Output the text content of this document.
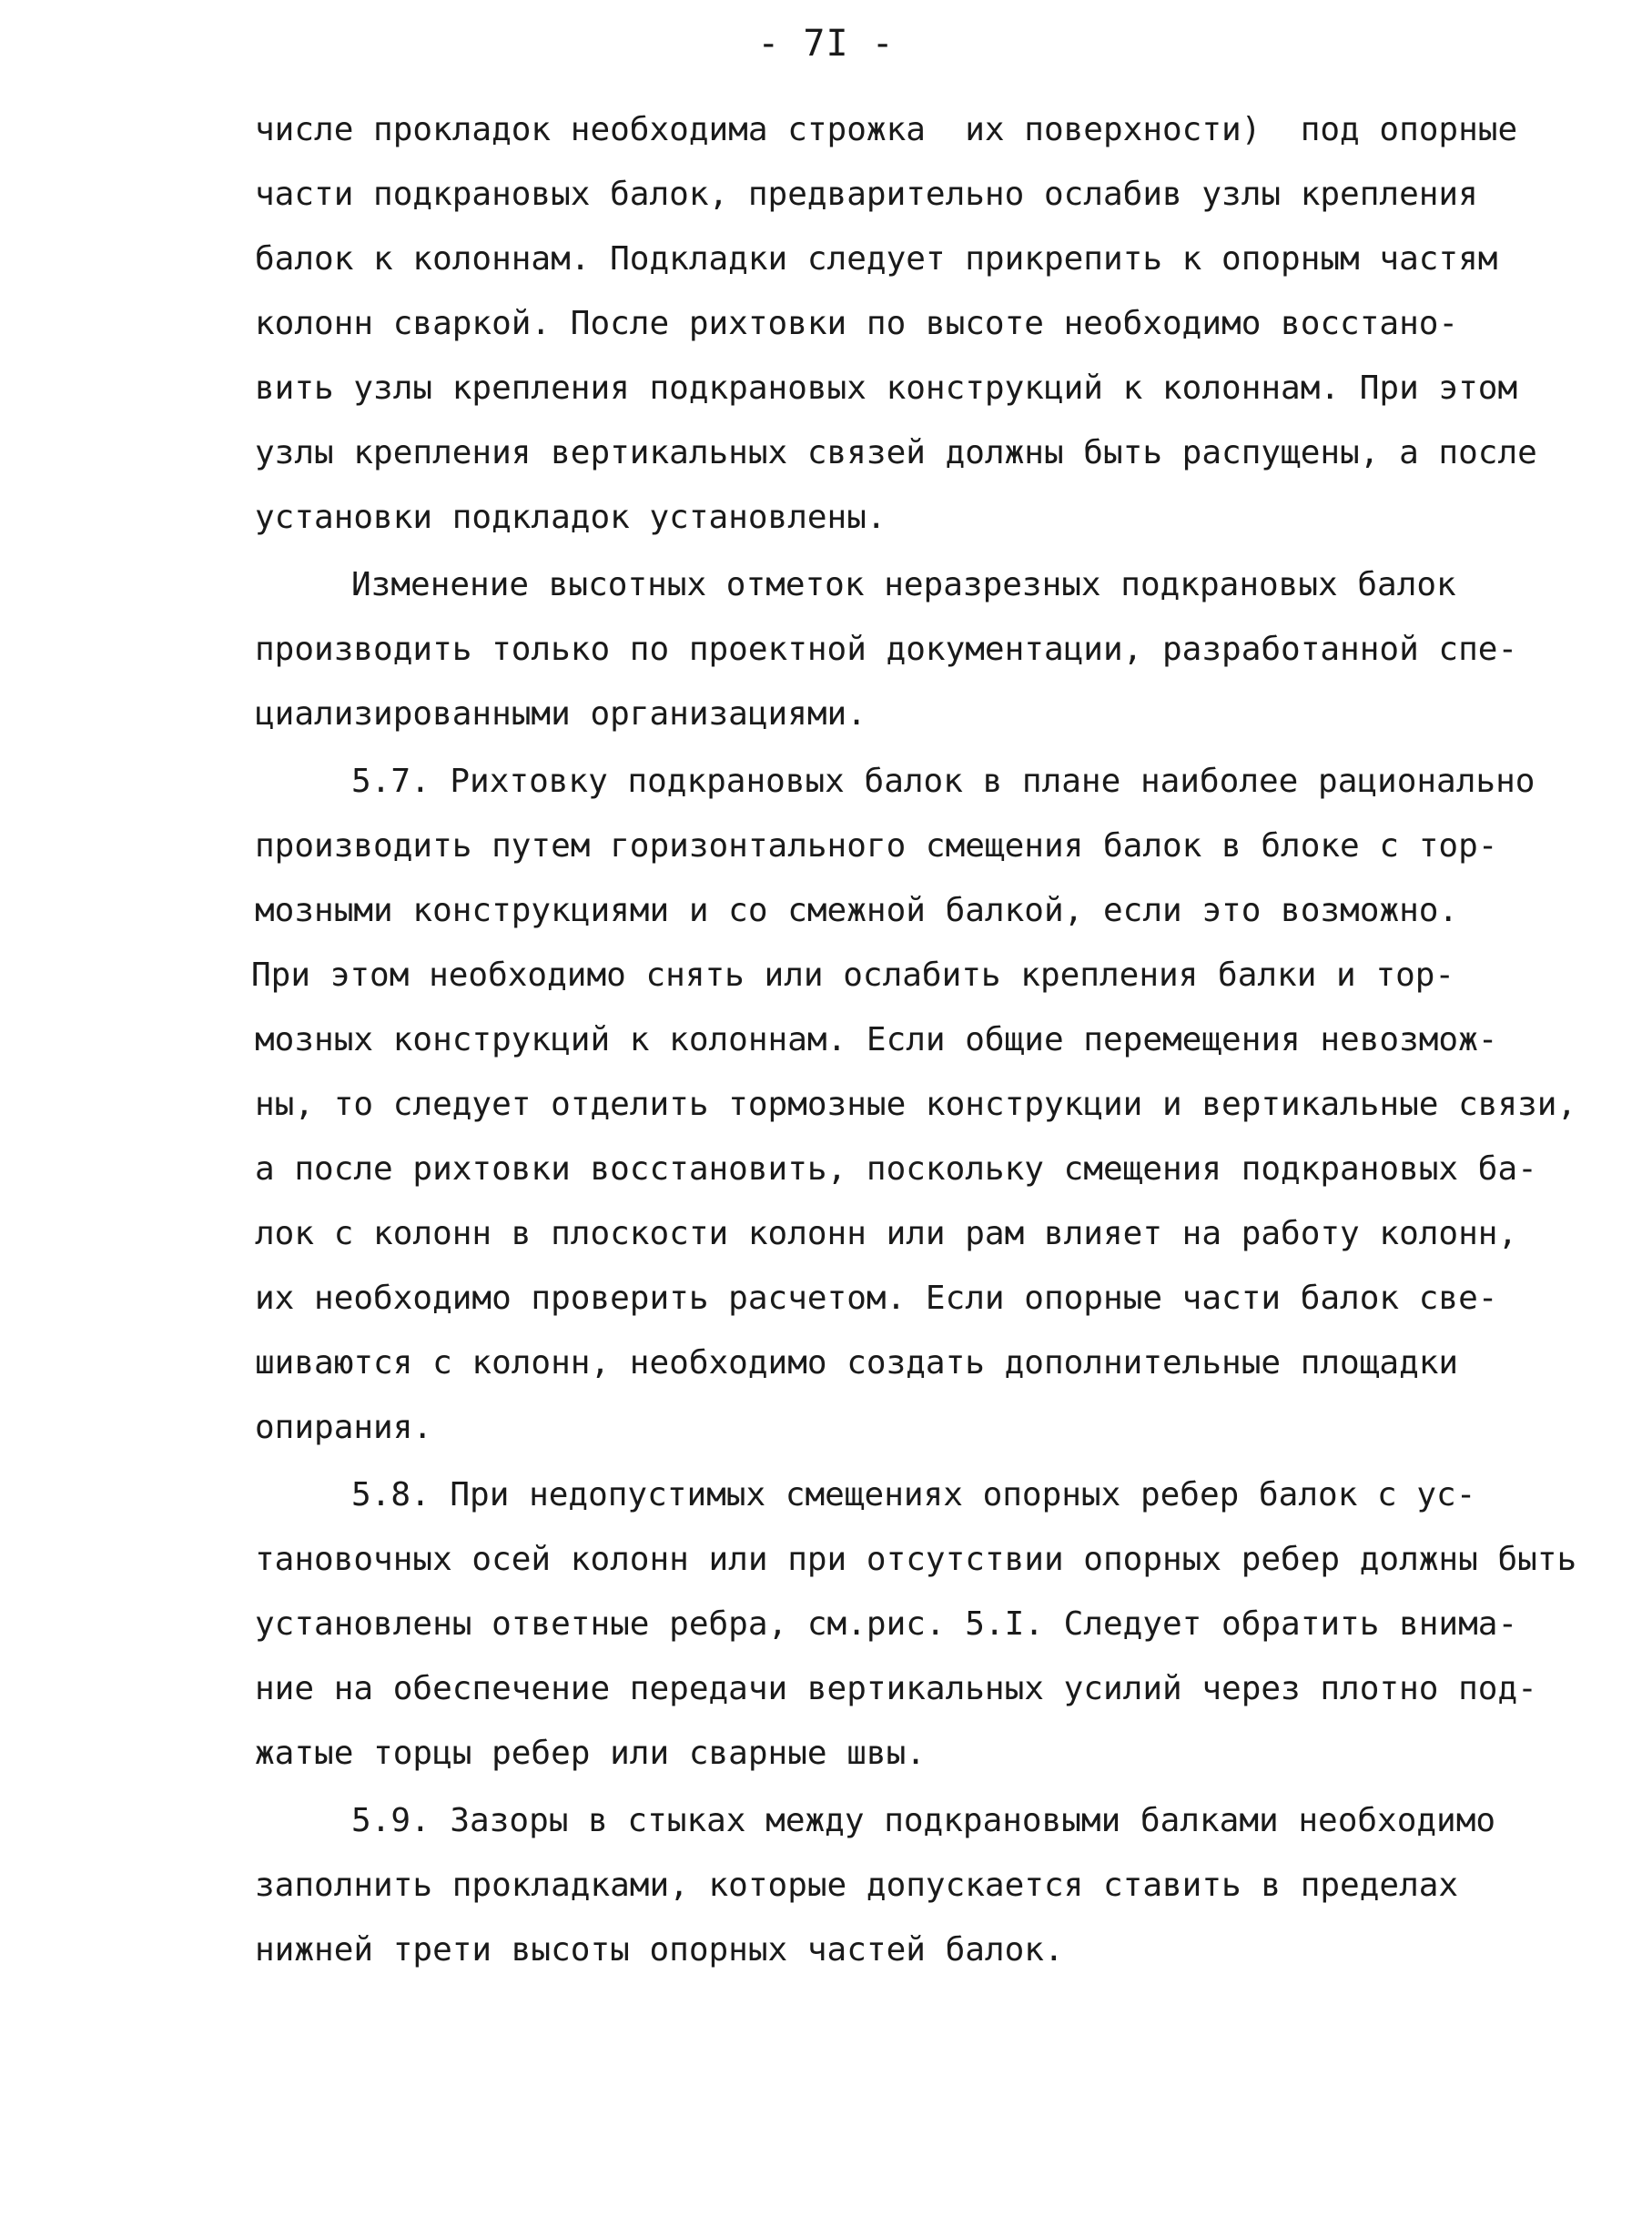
- 7I -
числе прокладок необходима строжка  их поверхности)  под опорные
части подкрановых балок, предварительно ослабив узлы крепления
балок к колоннам. Подкладки следует прикрепить к опорным частям
колонн сваркой. После рихтовки по высоте необходимо восстано-
вить узлы крепления подкрановых конструкций к колоннам. При этом
узлы крепления вертикальных связей должны быть распущены, а после
установки подкладок установлены.
Изменение высотных отметок неразрезных подкрановых балок
производить только по проектной документации, разработанной спе-
циализированными организациями.
5.7. Рихтовку подкрановых балок в плане наиболее рационально
производить путем горизонтального смещения балок в блоке с тор-
мозными конструкциями и со смежной балкой, если это возможно.
При этом необходимо снять или ослабить крепления балки и тор-
мозных конструкций к колоннам. Если общие перемещения невозмож-
ны, то следует отделить тормозные конструкции и вертикальные связи,
а после рихтовки восстановить, поскольку смещения подкрановых ба-
лок с колонн в плоскости колонн или рам влияет на работу колонн,
их необходимо проверить расчетом. Если опорные части балок све-
шиваются с колонн, необходимо создать дополнительные площадки
опирания.
5.8. При недопустимых смещениях опорных ребер балок с ус-
тановочных осей колонн или при отсутствии опорных ребер должны быть
установлены ответные ребра, см.рис. 5.I. Следует обратить внима-
ние на обеспечение передачи вертикальных усилий через плотно под-
жатые торцы ребер или сварные швы.
5.9. Зазоры в стыках между подкрановыми балками необходимо
заполнить прокладками, которые допускается ставить в пределах
нижней трети высоты опорных частей балок.
